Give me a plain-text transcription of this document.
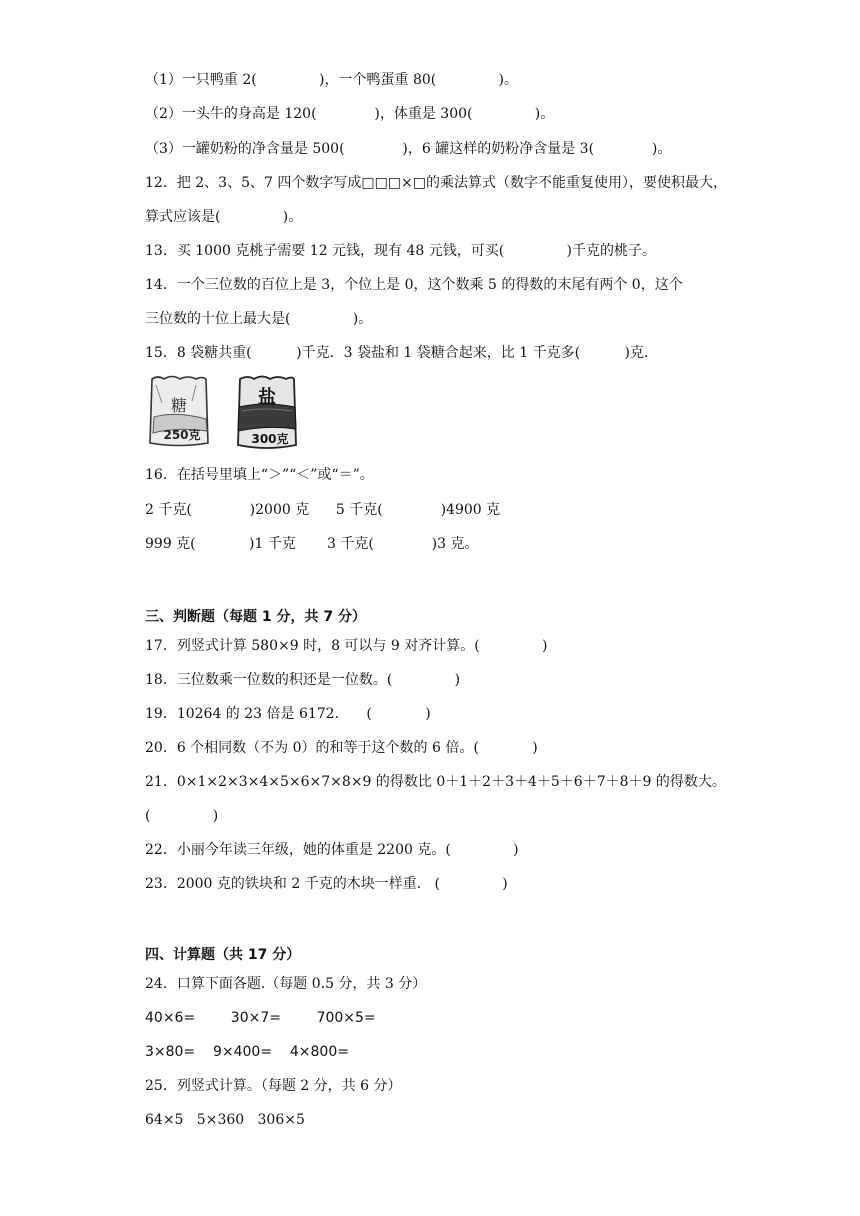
（1）一只鸭重 2(              )，一个鸭蛋重 80(              )。
（2）一头牛的身高是 120(             )，体重是 300(              )。
（3）一罐奶粉的净含量是 500(             )，6 罐这样的奶粉净含量是 3(             )。
12．把 2、3、5、7 四个数字写成□□□×□的乘法算式（数字不能重复使用），要使积最大，
算式应该是(              )。
13．买 1000 克桃子需要 12 元钱，现有 48 元钱，可买(              )千克的桃子。
14．一个三位数的百位上是 3，个位上是 0，这个数乘 5 的得数的末尾有两个 0，这个
三位数的十位上最大是(              )。
15．8 袋糖共重(          )千克．3 袋盐和 1 袋糖合起来，比 1 千克多(          )克．
糖
250克
盐
300克
16．在括号里填上“＞”“＜”或“＝”。
2 千克(             )2000 克      5 千克(             )4900 克
999 克(            )1 千克       3 千克(             )3 克。
三、判断题（每题 1 分，共 7 分）
17．列竖式计算 580×9 时，8 可以与 9 对齐计算。(              )
18．三位数乘一位数的积还是一位数。(              )
19．10264 的 23 倍是 6172．    (            )
20．6 个相同数（不为 0）的和等于这个数的 6 倍。(            )
21．0×1×2×3×4×5×6×7×8×9 的得数比 0＋1＋2＋3＋4＋5＋6＋7＋8＋9 的得数大。
(              )
22．小丽今年读三年级，她的体重是 2200 克。(              )
23．2000 克的铁块和 2 千克的木块一样重.   (              )
四、计算题（共 17 分）
24．口算下面各题.（每题 0.5 分，共 3 分）
40×6=        30×7=        700×5=
3×80=    9×400=    4×800=
25．列竖式计算。（每题 2 分，共 6 分）
64×5   5×360   306×5
